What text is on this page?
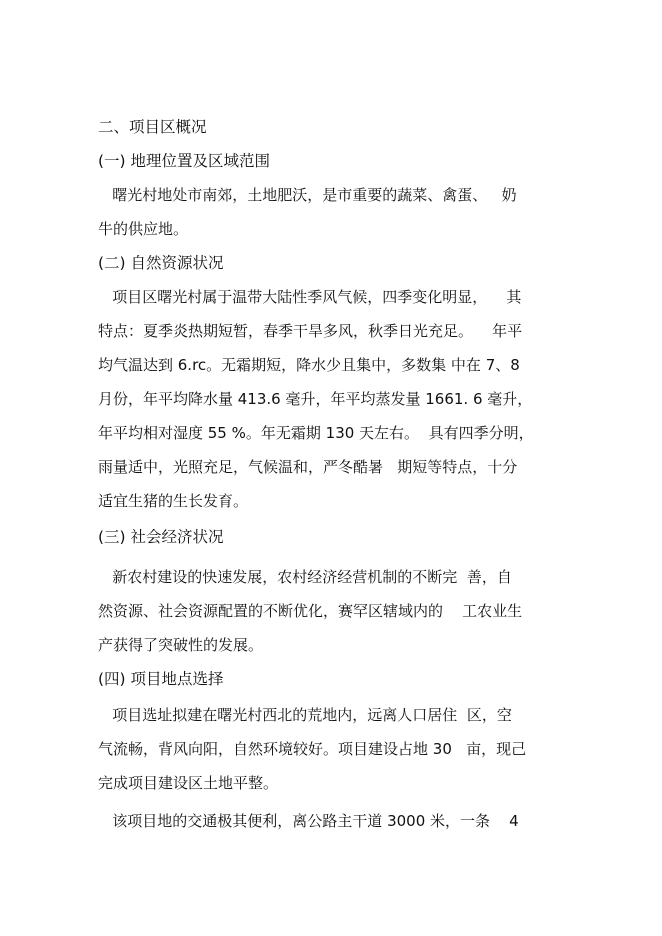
二、项目区概况
(一) 地理位置及区域范围
曙光村地处市南郊，土地肥沃，是市重要的蔬菜、禽蛋、   奶
牛的供应地。
(二) 自然资源状况
项目区曙光村属于温带大陆性季风气候，四季变化明显，    其
特点：夏季炎热期短暂，春季干旱多风，秋季日光充足。    年平
均气温达到 6.rc。无霜期短，降水少且集中，多数集 中在 7、8
月份，年平均降水量 413.6 毫升，年平均蒸发量 1661. 6 毫升，
年平均相对湿度 55 %。年无霜期 130 天左右。  具有四季分明，
雨量适中，光照充足，气候温和，严冬酷暑   期短等特点，十分
适宜生猪的生长发育。
(三) 社会经济状况
新农村建设的快速发展，农村经济经营机制的不断完  善，自
然资源、社会资源配置的不断优化，赛罕区辖域内的    工农业生
产获得了突破性的发展。
(四) 项目地点选择
项目选址拟建在曙光村西北的荒地内，远离人口居住  区，空
气流畅，背风向阳，自然环境较好。项目建设占地 30   亩，现己
完成项目建设区土地平整。
该项目地的交通极其便利，离公路主干道 3000 米，一条    4
